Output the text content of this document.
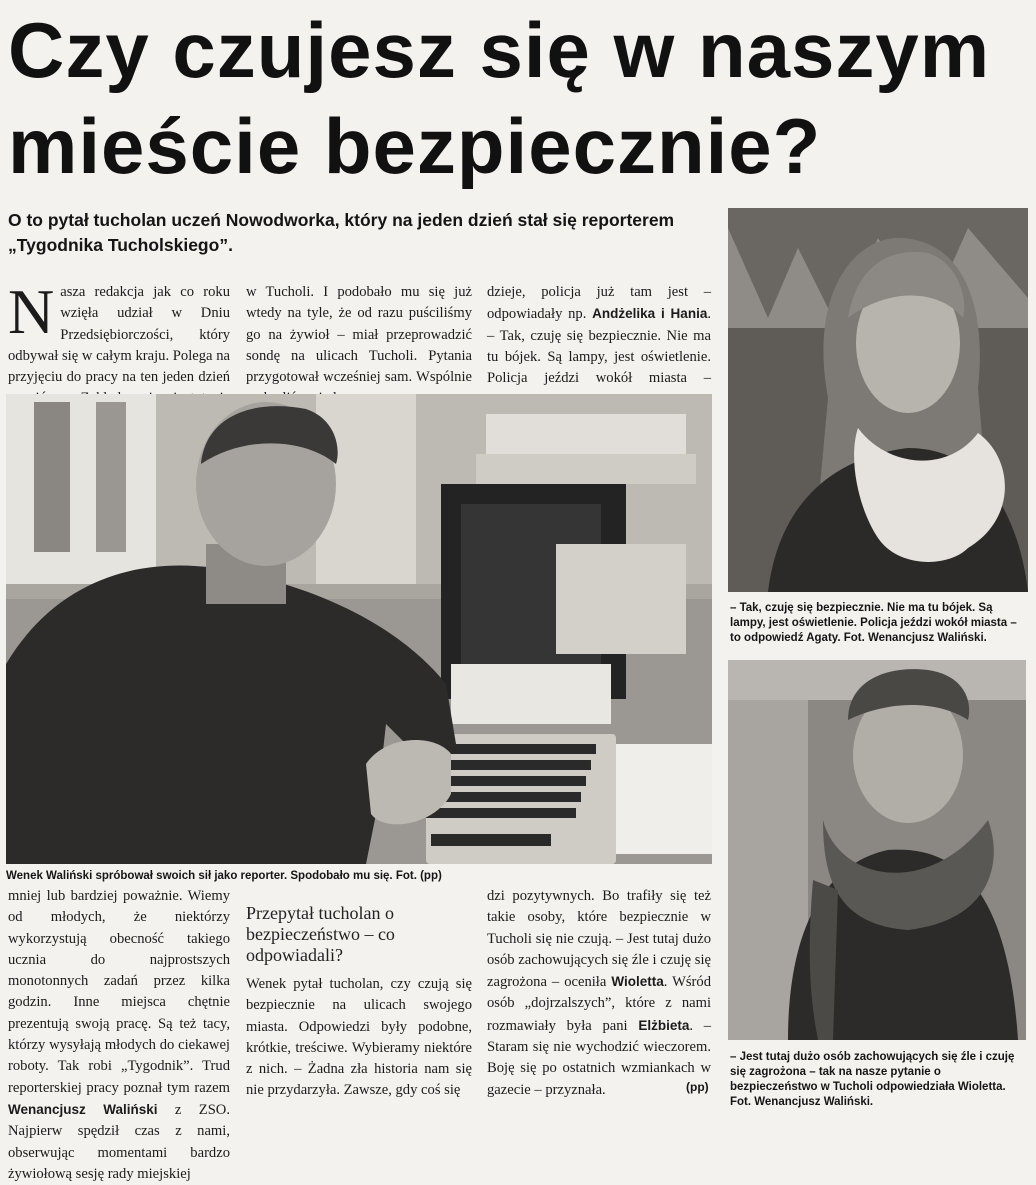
Czy czujesz się w naszym mieście bezpiecznie?
O to pytał tucholan uczeń Nowodworka, który na jeden dzień stał się reporterem „Tygodnika Tucholskiego”.
Nasza redakcja jak co roku wzięła udział w Dniu Przedsiębiorczości, który odbywał się w całym kraju. Polega na przyjęciu do pracy na ten jeden dzień
w Tucholi. I podobało mu się już wtedy na tyle, że od razu puściliśmy go na żywioł – miał przeprowadzić sondę na ulicach Tucholi. Pytania przygotował wcześniej sam. Wspólnie
dzieje, policja już tam jest – odpowiadały np. Andżelika i Hania. – Tak, czuję się bezpiecznie. Nie ma tu bójek. Są lampy, jest oświetlenie. Policja jeździ wokół miasta –
Wenek Waliński spróbował swoich sił jako reporter. Spodobało mu się. Fot. (pp)
– Tak, czuję się bezpiecznie. Nie ma tu bójek. Są lampy, jest oświetlenie. Policja jeździ wokół miasta – to odpowiedź Agaty. Fot. Wenancjusz Waliński.
– Jest tutaj dużo osób zachowujących się źle i czuję się zagrożona – tak na nasze pytanie o bezpieczeństwo w Tucholi odpowiedziała Wioletta. Fot. Wenancjusz Waliński.
mniej lub bardziej poważnie. Wiemy od młodych, że niektórzy wykorzystują obecność takiego ucznia do najprostszych monotonnych zadań przez kilka godzin. Inne miejsca chętnie prezentują swoją pracę. Są też tacy, którzy wysyłają młodych do ciekawej roboty. Tak robi „Tygodnik”. Trud reporterskiej pracy poznał tym razem Wenancjusz Waliński z ZSO. Najpierw spędził czas z nami, obserwując momentami bardzo żywiołową sesję rady miejskiej
Przepytał tucholan o bezpieczeństwo – co odpowiadali?
Wenek pytał tucholan, czy czują się bezpiecznie na ulicach swojego miasta. Odpowiedzi były podobne, krótkie, treściwe. Wybieramy niektóre z nich. – Żadna zła historia nam się nie przydarzyła. Zawsze, gdy coś się
dzi pozytywnych. Bo trafiły się też takie osoby, które bezpiecznie w Tucholi się nie czują. – Jest tutaj dużo osób zachowujących się źle i czuję się zagrożona – oceniła Wioletta. Wśród osób „dojrzalszych”, które z nami rozmawiały była pani Elżbieta. – Staram się nie wychodzić wieczorem. Boję się po ostatnich wzmiankach w gazecie – przyznała.	(pp)
